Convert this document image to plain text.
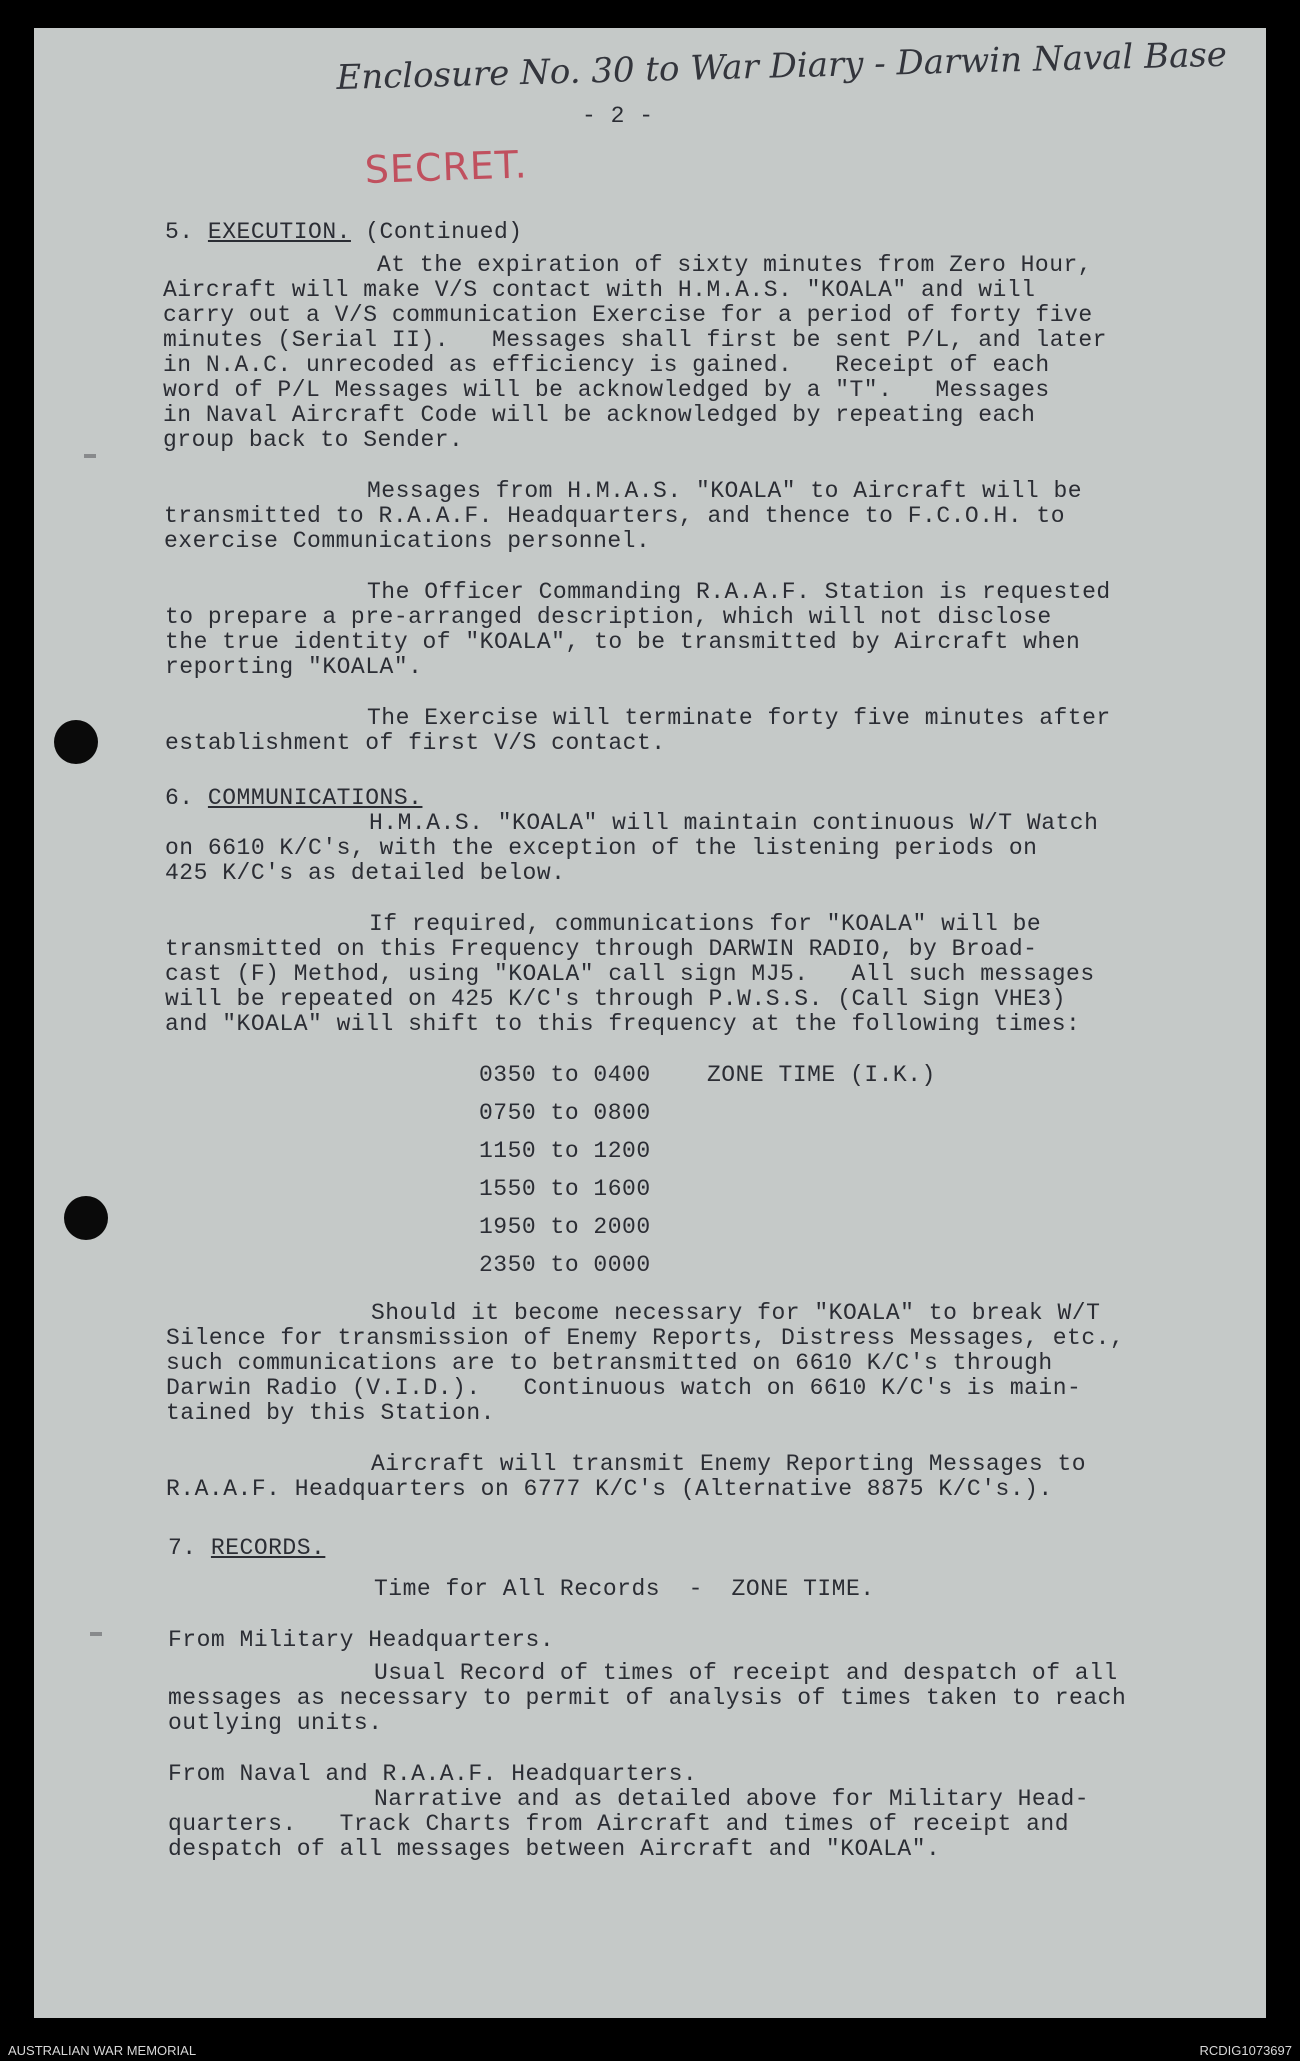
Enclosure No. 30 to War Diary - Darwin Naval Base
- 2 -
SECRET.
5. EXECUTION. (Continued)
At the expiration of sixty minutes from Zero Hour,
Aircraft will make V/S contact with H.M.A.S. "KOALA" and will
carry out a V/S communication Exercise for a period of forty five
minutes (Serial II).   Messages shall first be sent P/L, and later
in N.A.C. unrecoded as efficiency is gained.   Receipt of each
word of P/L Messages will be acknowledged by a "T".   Messages
in Naval Aircraft Code will be acknowledged by repeating each
group back to Sender.
Messages from H.M.A.S. "KOALA" to Aircraft will be
transmitted to R.A.A.F. Headquarters, and thence to F.C.O.H. to
exercise Communications personnel.
The Officer Commanding R.A.A.F. Station is requested
to prepare a pre-arranged description, which will not disclose
the true identity of "KOALA", to be transmitted by Aircraft when
reporting "KOALA".
The Exercise will terminate forty five minutes after
establishment of first V/S contact.
6. COMMUNICATIONS.
H.M.A.S. "KOALA" will maintain continuous W/T Watch
on 6610 K/C's, with the exception of the listening periods on
425 K/C's as detailed below.
If required, communications for "KOALA" will be
transmitted on this Frequency through DARWIN RADIO, by Broad-
cast (F) Method, using "KOALA" call sign MJ5.   All such messages
will be repeated on 425 K/C's through P.W.S.S. (Call Sign VHE3)
and "KOALA" will shift to this frequency at the following times:
0350 to 0400 ZONE TIME (I.K.)
0750 to 0800
1150 to 1200
1550 to 1600
1950 to 2000
2350 to 0000
Should it become necessary for "KOALA" to break W/T
Silence for transmission of Enemy Reports, Distress Messages, etc.,
such communications are to betransmitted on 6610 K/C's through
Darwin Radio (V.I.D.).   Continuous watch on 6610 K/C's is main-
tained by this Station.
Aircraft will transmit Enemy Reporting Messages to
R.A.A.F. Headquarters on 6777 K/C's (Alternative 8875 K/C's.).
7. RECORDS.
Time for All Records  -  ZONE TIME.
From Military Headquarters.
Usual Record of times of receipt and despatch of all
messages as necessary to permit of analysis of times taken to reach
outlying units.
From Naval and R.A.A.F. Headquarters.
Narrative and as detailed above for Military Head-
quarters.   Track Charts from Aircraft and times of receipt and
despatch of all messages between Aircraft and "KOALA".
AUSTRALIAN WAR MEMORIAL	RCDIG1073697
